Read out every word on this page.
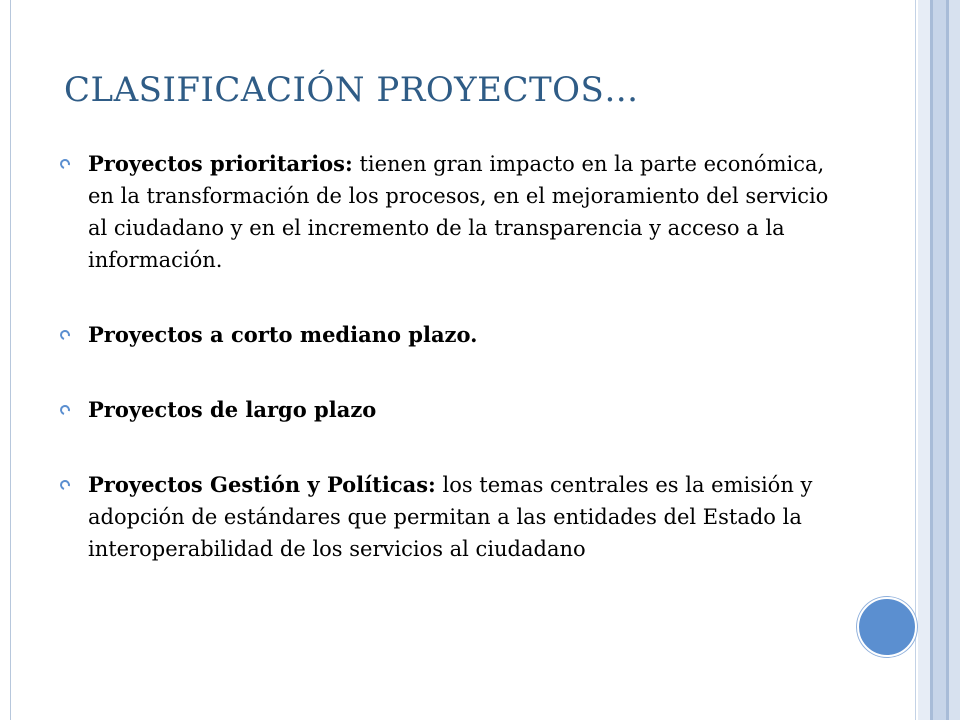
CLASIFICACIÓN PROYECTOS…
Proyectos prioritarios: tienen gran impacto en la parte económica, en la transformación de los procesos, en el mejoramiento del servicio al ciudadano y en el incremento de la transparencia y acceso a la información.
Proyectos a corto mediano plazo.
Proyectos de largo plazo
Proyectos Gestión y Políticas: los temas centrales es la emisión y adopción de estándares que permitan a las entidades del Estado la interoperabilidad de los servicios al ciudadano
